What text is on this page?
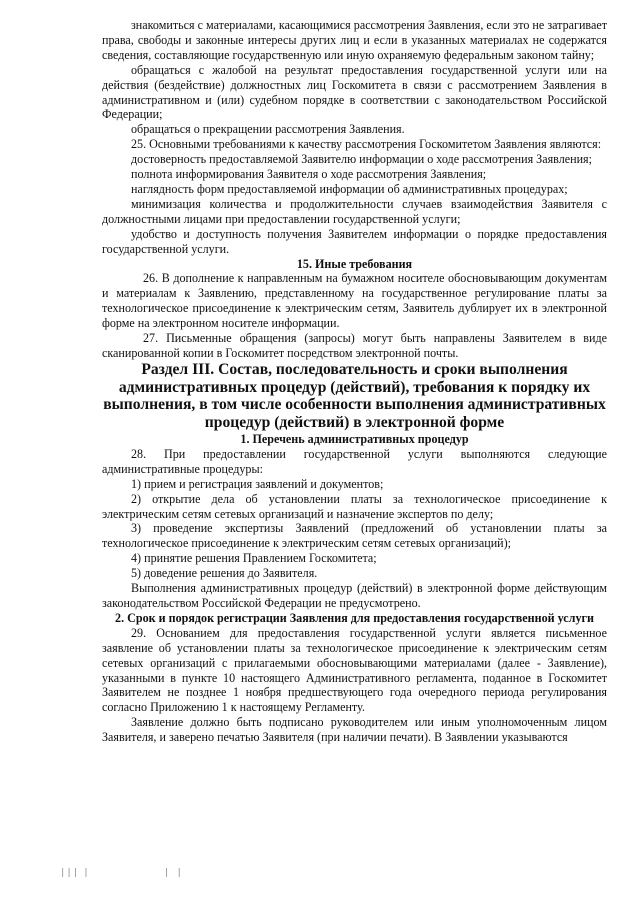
знакомиться с материалами, касающимися рассмотрения Заявления, если это не затрагивает права, свободы и законные интересы других лиц и если в указанных материалах не содержатся сведения, составляющие государственную или иную охраняемую федеральным законом тайну;

обращаться с жалобой на результат предоставления государственной услуги или на действия (бездействие) должностных лиц Госкомитета в связи с рассмотрением Заявления в административном и (или) судебном порядке в соответствии с законодательством Российской Федерации;

обращаться о прекращении рассмотрения Заявления.

25. Основными требованиями к качеству рассмотрения Госкомитетом Заявления являются:

достоверность предоставляемой Заявителю информации о ходе рассмотрения Заявления;

полнота информирования Заявителя о ходе рассмотрения Заявления;

наглядность форм предоставляемой информации об административных процедурах;

минимизация количества и продолжительности случаев взаимодействия Заявителя с должностными лицами при предоставлении государственной услуги;

удобство и доступность получения Заявителем информации о порядке предоставления государственной услуги.

15. Иные требования

26. В дополнение к направленным на бумажном носителе обосновывающим документам и материалам к Заявлению, представленному на государственное регулирование платы за технологическое присоединение к электрическим сетям, Заявитель дублирует их в электронной форме на электронном носителе информации.

27. Письменные обращения (запросы) могут быть направлены Заявителем в виде сканированной копии в Госкомитет посредством электронной почты.

Раздел III. Состав, последовательность и сроки выполнения административных процедур (действий), требования к порядку их выполнения, в том числе особенности выполнения административных процедур (действий) в электронной форме

1. Перечень административных процедур

28. При предоставлении государственной услуги выполняются следующие административные процедуры:

1) прием и регистрация заявлений и документов;

2) открытие дела об установлении платы за технологическое присоединение к электрическим сетям сетевых организаций и назначение экспертов по делу;

3) проведение экспертизы Заявлений (предложений об установлении платы за технологическое присоединение к электрическим сетям сетевых организаций);

4) принятие решения Правлением Госкомитета;

5) доведение решения до Заявителя.

Выполнения административных процедур (действий) в электронной форме действующим законодательством Российской Федерации не предусмотрено.

2. Срок и порядок регистрации Заявления для предоставления государственной услуги

29. Основанием для предоставления государственной услуги является письменное заявление об установлении платы за технологическое присоединение к электрическим сетям сетевых организаций с прилагаемыми обосновывающими материалами (далее - Заявление), указанными в пункте 10 настоящего Административного регламента, поданное в Госкомитет Заявителем не позднее 1 ноября предшествующего года очередного периода регулирования согласно Приложению 1 к настоящему Регламенту.

Заявление должно быть подписано руководителем или иным уполномоченным лицом Заявителя, и заверено печатью Заявителя (при наличии печати). В Заявлении указываются

||| |	| |
